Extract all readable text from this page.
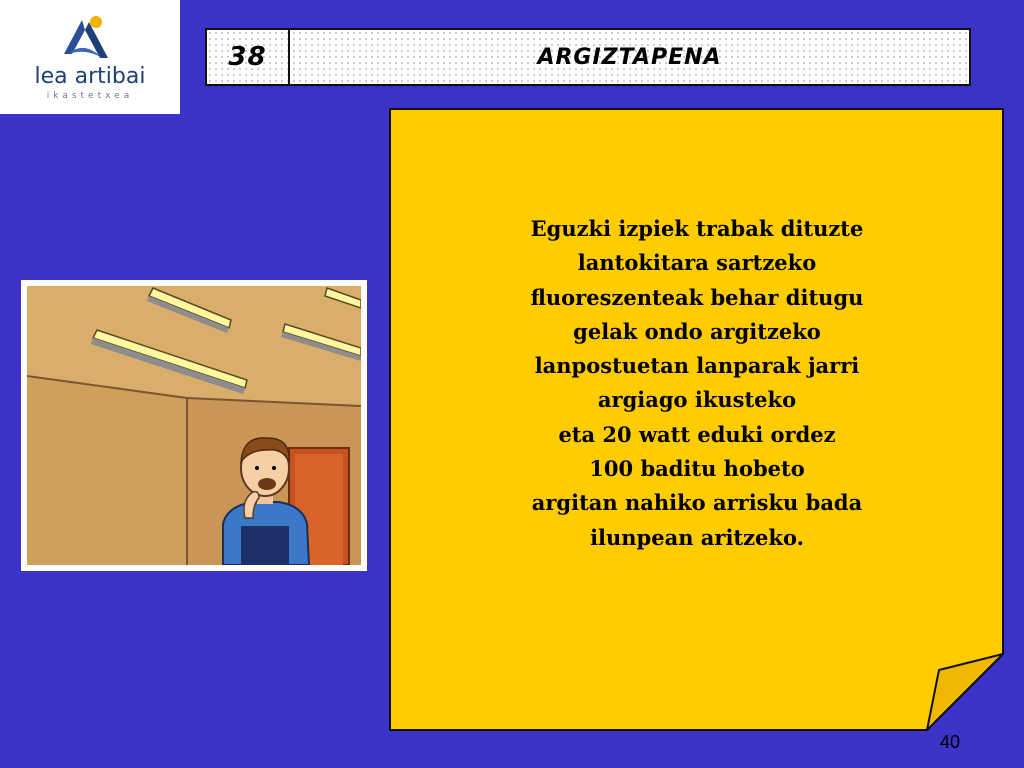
lea artibai
ikastetxea
38	ARGIZTAPENA
Eguzki izpiek trabak dituzte
lantokitara sartzeko
fluoreszenteak behar ditugu
gelak ondo argitzeko
lanpostuetan lanparak jarri
argiago ikusteko
eta 20 watt eduki ordez
100 baditu hobeto
argitan nahiko arrisku bada
ilunpean aritzeko.
40
